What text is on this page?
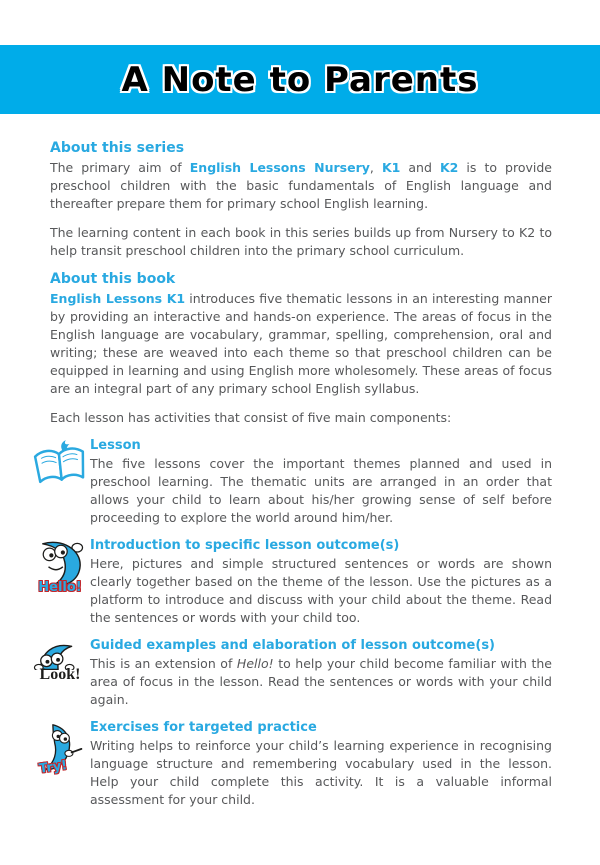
A Note to Parents
About this series

The primary aim of English Lessons Nursery, K1 and K2 is to provide preschool children with the basic fundamentals of English language and thereafter prepare them for primary school English learning.

The learning content in each book in this series builds up from Nursery to K2 to help transit preschool children into the primary school curriculum.

About this book

English Lessons K1 introduces five thematic lessons in an interesting manner by providing an interactive and hands-on experience. The areas of focus in the English language are vocabulary, grammar, spelling, comprehension, oral and writing; these are weaved into each theme so that preschool children can be equipped in learning and using English more wholesomely. These areas of focus are an integral part of any primary school English syllabus.

Each lesson has activities that consist of five main components:

Lesson

The five lessons cover the important themes planned and used in preschool learning. The thematic units are arranged in an order that allows your child to learn about his/her growing sense of self before proceeding to explore the world around him/her.

Hello!
Introduction to specific lesson outcome(s)

Here, pictures and simple structured sentences or words are shown clearly together based on the theme of the lesson. Use the pictures as a platform to introduce and discuss with your child about the theme. Read the sentences or words with your child too.

Look!
Guided examples and elaboration of lesson outcome(s)

This is an extension of Hello! to help your child become familiar with the area of focus in the lesson. Read the sentences or words with your child again.

Try!
Exercises for targeted practice

Writing helps to reinforce your child’s learning experience in recognising language structure and remembering vocabulary used in the lesson. Help your child complete this activity. It is a valuable informal assessment for your child.
